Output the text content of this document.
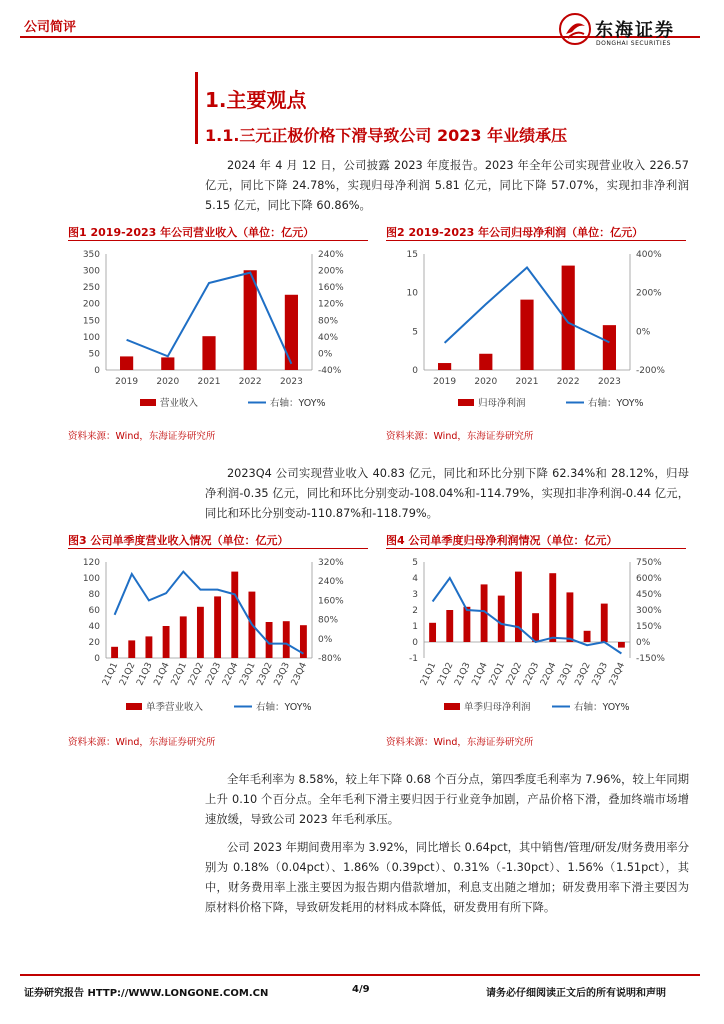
公司简评	东海证券
DONGHAI SECURITIES
1.主要观点
1.1.三元正极价格下滑导致公司 2023 年业绩承压
2024 年 4 月 12 日，公司披露 2023 年度报告。2023 年全年公司实现营业收入 226.57 亿元，同比下降 24.78%，实现归母净利润 5.81 亿元，同比下降 57.07%，实现扣非净利润 5.15 亿元，同比下降 60.86%。
图1 2019-2023 年公司营业收入（单位：亿元）
0
50
100
150
200
250
300
350
-40%
0%
40%
80%
120%
160%
200%
240%
2019 2020 2021 2022 2023
营业收入	右轴：YOY%
资料来源：Wind，东海证券研究所
图2 2019-2023 年公司归母净利润（单位：亿元）
0
5
10
15
-200%
0%
200%
400%
2019 2020 2021 2022 2023
归母净利润	右轴：YOY%
资料来源：Wind，东海证券研究所
2023Q4 公司实现营业收入 40.83 亿元，同比和环比分别下降 62.34%和 28.12%，归母净利润-0.35 亿元，同比和环比分别变动-108.04%和-114.79%，实现扣非净利润-0.44 亿元，同比和环比分别变动-110.87%和-118.79%。
图3 公司单季度营业收入情况（单位：亿元）
0
20
40
60
80
100
120
-80%
0%
80%
160%
240%
320%
21Q1
21Q2
21Q3
21Q4
22Q1
22Q2
22Q3
22Q4
23Q1
23Q2
23Q3
23Q4
单季营业收入	右轴：YOY%
资料来源：Wind，东海证券研究所
图4 公司单季度归母净利润情况（单位：亿元）
-1
0
1
2
3
4
5
-150%
0%
150%
300%
450%
600%
750%
21Q1
21Q2
21Q3
21Q4
22Q1
22Q2
22Q3
22Q4
23Q1
23Q2
23Q3
23Q4
单季归母净利润	右轴：YOY%
资料来源：Wind，东海证券研究所
全年毛利率为 8.58%，较上年下降 0.68 个百分点，第四季度毛利率为 7.96%，较上年同期上升 0.10 个百分点。全年毛利下滑主要归因于行业竞争加剧，产品价格下滑，叠加终端市场增速放缓，导致公司 2023 年毛利承压。
公司 2023 年期间费用率为 3.92%，同比增长 0.64pct，其中销售/管理/研发/财务费用率分别为 0.18%（0.04pct）、1.86%（0.39pct）、0.31%（-1.30pct）、1.56%（1.51pct），其中，财务费用率上涨主要因为报告期内借款增加，利息支出随之增加；研发费用率下滑主要因为原材料价格下降，导致研发耗用的材料成本降低，研发费用有所下降。
证券研究报告 HTTP://WWW.LONGONE.COM.CN	4/9	请务必仔细阅读正文后的所有说明和声明
